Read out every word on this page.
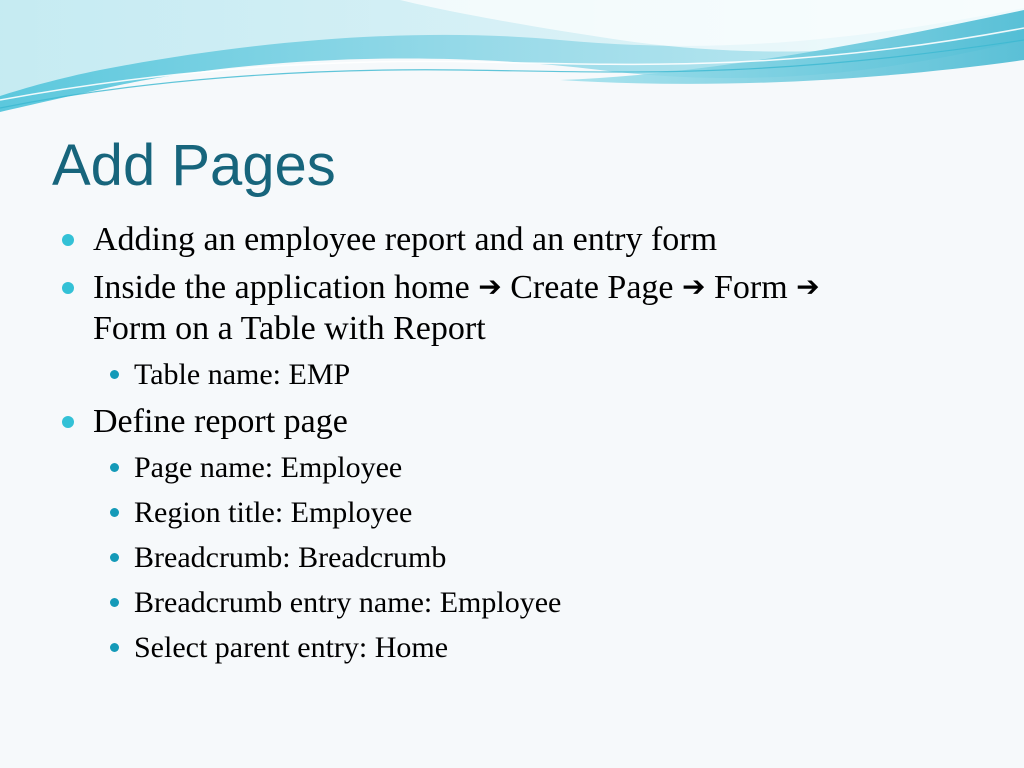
Add Pages
Adding an employee report and an entry form
Inside the application home ➔ Create Page ➔ Form ➔
Form on a Table with Report
Table name: EMP
Define report page
Page name: Employee
Region title: Employee
Breadcrumb: Breadcrumb
Breadcrumb entry name: Employee
Select parent entry: Home
